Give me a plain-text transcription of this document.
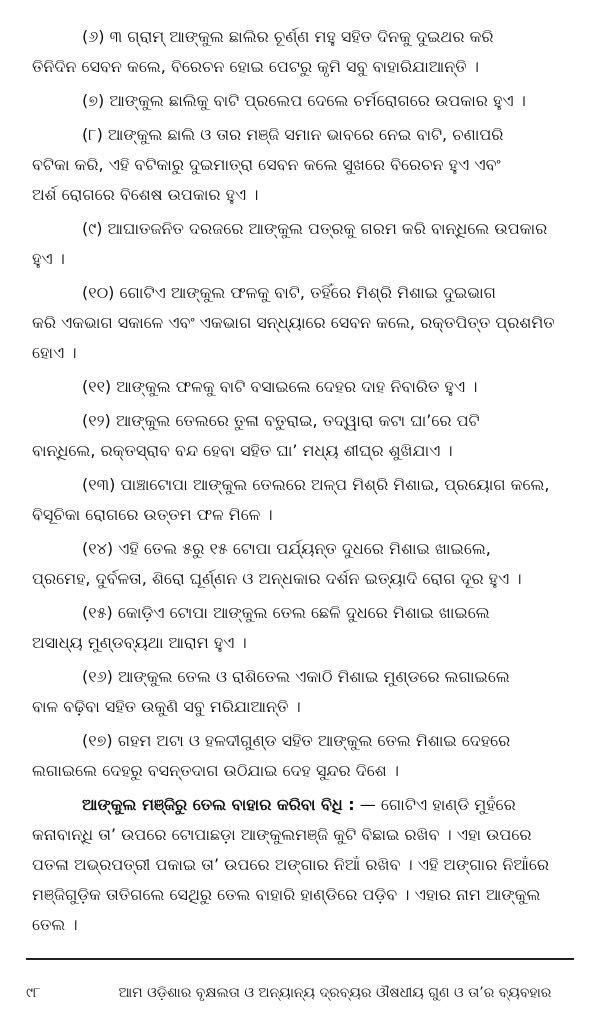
(୬) ୩ ଗ୍ରାମ୍ ଆଙ୍କୁଲ ଛାଲିର ଚୂର୍ଣ୍ଣ ମହୁ ସହିତ ଦିନକୁ ଦୁଇଥର କରି
ତିନିଦିନ ସେବନ କଲେ, ବିରେଚନ ହୋଇ ପେଟରୁ କୃମି ସବୁ ବାହାରିଯାଆନ୍ତି ।

(୭) ଆଙ୍କୁଲ ଛାଲିକୁ ବାଟି ପ୍ରଲେପ ଦେଲେ ଚର୍ମରୋଗରେ ଉପକାର ହୁଏ ।

(୮) ଆଙ୍କୁଲ ଛାଲି ଓ ତାର ମଞ୍ଜି ସମାନ ଭାବରେ ନେଇ ବାଟି, ଚଣାପରି
ବଟିକା କରି, ଏହି ବଟିକାରୁ ଦୁଇମାତ୍ରା ସେବନ କଲେ ସୁଖରେ ବିରେଚନ ହୁଏ ଏବଂ
ଅର୍ଶ ରୋଗରେ ବିଶେଷ ଉପକାର ହୁଏ ।

(୯) ଆଘାତଜନିତ ଦରଜରେ ଆଙ୍କୁଲ ପତ୍ରକୁ ଗରମ କରି ବାନ୍ଧିଲେ ଉପକାର
ହୁଏ ।

(୧୦) ଗୋଟିଏ ଆଙ୍କୁଲ ଫଳକୁ ବାଟି, ତହିଁରେ ମିଶ୍ରି ମିଶାଇ ଦୁଇଭାଗ
କରି ଏକଭାଗ ସକାଳେ ଏବଂ ଏକଭାଗ ସନ୍ଧ୍ୟାରେ ସେବନ କଲେ, ରକ୍ତପିତ୍ତ ପ୍ରଶମିତ
ହୋଏ ।

(୧୧) ଆଙ୍କୁଲ ଫଳକୁ ବାଟି ବସାଇଲେ ଦେହର ଦାହ ନିବାରିତ ହୁଏ ।

(୧୨) ଆଙ୍କୁଲ ତେଲରେ ତୁଳା ବତୁରାଇ, ତଦ୍ୱାରା କଟା ଘା’ରେ ପଟି
ବାନ୍ଧିଲେ, ରକ୍ତସ୍ରାବ ବନ୍ଦ ହେବା ସହିତ ଘା’ ମଧ୍ୟ ଶୀଘ୍ର ଶୁଖିଯାଏ ।

(୧୩) ପାଞ୍ଚାଟୋପା ଆଙ୍କୁଲ ତେଲରେ ଅଳ୍ପ ମିଶ୍ରି ମିଶାଇ, ପ୍ରୟୋଗ କଲେ,
ବିସୂଚିକା ରୋଗରେ ଉତ୍ତମ ଫଳ ମିଳେ ।

(୧୪) ଏହି ତେଲ ୫ରୁ ୧୫ ଟୋପା ପର୍ଯ୍ୟନ୍ତ ଦୁଧରେ ମିଶାଇ ଖାଇଲେ,
ପ୍ରମେହ, ଦୁର୍ବଳତା, ଶିରୋ ଘୂର୍ଣ୍ଣନ ଓ ଅନ୍ଧକାର ଦର୍ଶନ ଇତ୍ୟାଦି ରୋଗ ଦୂର ହୁଏ ।

(୧୫) କୋଡ଼ିଏ ଟୋପା ଆଙ୍କୁଲ ତେଲ ଛେଳି ଦୁଧରେ ମିଶାଇ ଖାଇଲେ
ଅସାଧ୍ୟ ମୁଣ୍ଡବ୍ୟଥା ଆରାମ ହୁଏ ।

(୧୬) ଆଙ୍କୁଲ ତେଲ ଓ ରାଶିତେଲ ଏକାଠି ମିଶାଇ ମୁଣ୍ଡରେ ଲଗାଇଲେ
ବାଳ ବଢ଼ିବା ସହିତ ଉକୁଣି ସବୁ ମରିଯାଆନ୍ତି ।

(୧୭) ଗହମ ଅଟା ଓ ହଳଦୀଗୁଣ୍ଡ ସହିତ ଆଙ୍କୁଲ ତେଲ ମିଶାଇ ଦେହରେ
ଲଗାଇଲେ ଦେହରୁ ବସନ୍ତଦାଗ ଉଠିଯାଇ ଦେହ ସୁନ୍ଦର ଦିଶେ ।

ଆଙ୍କୁଲ ମଞ୍ଜିରୁ ତେଲ ବାହାର କରିବା ବିଧି : — ଗୋଟିଏ ହାଣ୍ଡି ମୁହଁରେ
କନାବାନ୍ଧି ତା’ ଉପରେ ଟୋପାଛଡ଼ା ଆଙ୍କୁଲମଞ୍ଜି କୁଟି ବିଛାଇ ରଖିବ । ଏହା ଉପରେ
ପତଳା ଅଭ୍ରପତ୍ରୀ ପକାଇ ତା’ ଉପରେ ଅଙ୍ଗାର ନିଆଁ ରଖିବ । ଏହି ଅଙ୍ଗାର ନିଆଁରେ
ମଞ୍ଜିଗୁଡ଼ିକ ତାତିଗଲେ ସେଥିରୁ ତେଲ ବାହାରି ହାଣ୍ଡିରେ ପଡ଼ିବ । ଏହାର ନାମ ଆଙ୍କୁଲ
ତେଲ ।

୯୮	ଆମ ଓଡ଼ିଶାର ବୃକ୍ଷଲତା ଓ ଅନ୍ୟାନ୍ୟ ଦ୍ରବ୍ୟର ଔଷଧୀୟ ଗୁଣ ଓ ତା’ର ବ୍ୟବହାର
